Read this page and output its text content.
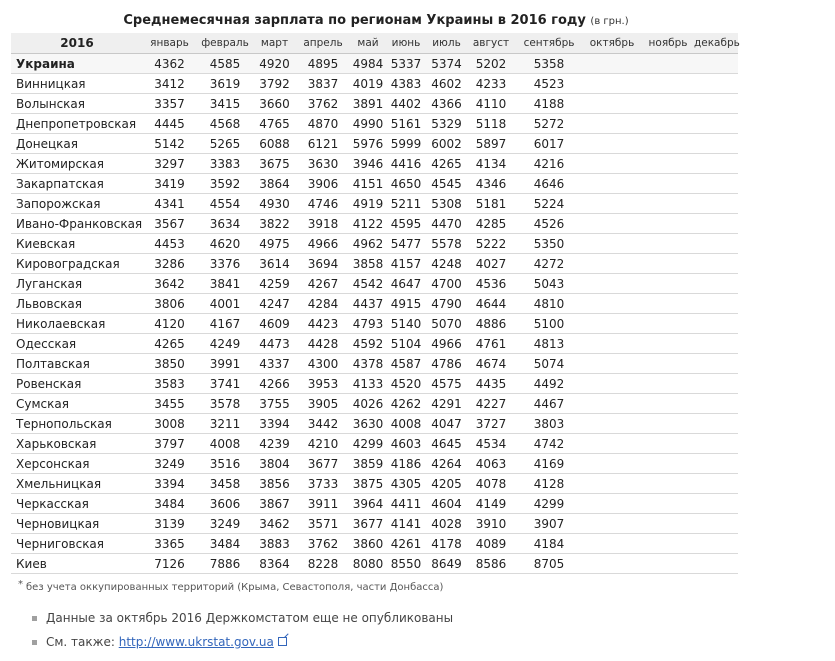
Среднемесячная зарплата по регионам Украины в 2016 году (в грн.)
2016	январь	февраль	март	апрель	май	июнь	июль	август	сентябрь	октябрь	ноябрь	декабрь
Украина	4362	4585	4920	4895	4984	5337	5374	5202	5358			
Винницкая	3412	3619	3792	3837	4019	4383	4602	4233	4523			
Волынская	3357	3415	3660	3762	3891	4402	4366	4110	4188			
Днепропетровская	4445	4568	4765	4870	4990	5161	5329	5118	5272			
Донецкая	5142	5265	6088	6121	5976	5999	6002	5897	6017			
Житомирская	3297	3383	3675	3630	3946	4416	4265	4134	4216			
Закарпатская	3419	3592	3864	3906	4151	4650	4545	4346	4646			
Запорожская	4341	4554	4930	4746	4919	5211	5308	5181	5224			
Ивано-Франковская	3567	3634	3822	3918	4122	4595	4470	4285	4526			
Киевская	4453	4620	4975	4966	4962	5477	5578	5222	5350			
Кировоградская	3286	3376	3614	3694	3858	4157	4248	4027	4272			
Луганская	3642	3841	4259	4267	4542	4647	4700	4536	5043			
Львовская	3806	4001	4247	4284	4437	4915	4790	4644	4810			
Николаевская	4120	4167	4609	4423	4793	5140	5070	4886	5100			
Одесская	4265	4249	4473	4428	4592	5104	4966	4761	4813			
Полтавская	3850	3991	4337	4300	4378	4587	4786	4674	5074			
Ровенская	3583	3741	4266	3953	4133	4520	4575	4435	4492			
Сумская	3455	3578	3755	3905	4026	4262	4291	4227	4467			
Тернопольская	3008	3211	3394	3442	3630	4008	4047	3727	3803			
Харьковская	3797	4008	4239	4210	4299	4603	4645	4534	4742			
Херсонская	3249	3516	3804	3677	3859	4186	4264	4063	4169			
Хмельницкая	3394	3458	3856	3733	3875	4305	4205	4078	4128			
Черкасская	3484	3606	3867	3911	3964	4411	4604	4149	4299			
Черновицкая	3139	3249	3462	3571	3677	4141	4028	3910	3907			
Черниговская	3365	3484	3883	3762	3860	4261	4178	4089	4184			
Киев	7126	7886	8364	8228	8080	8550	8649	8586	8705			
* без учета оккупированных территорий (Крыма, Севастополя, части Донбасса)
Данные за октябрь 2016 Держкомстатом еще не опубликованы
См. также: http://www.ukrstat.gov.ua
